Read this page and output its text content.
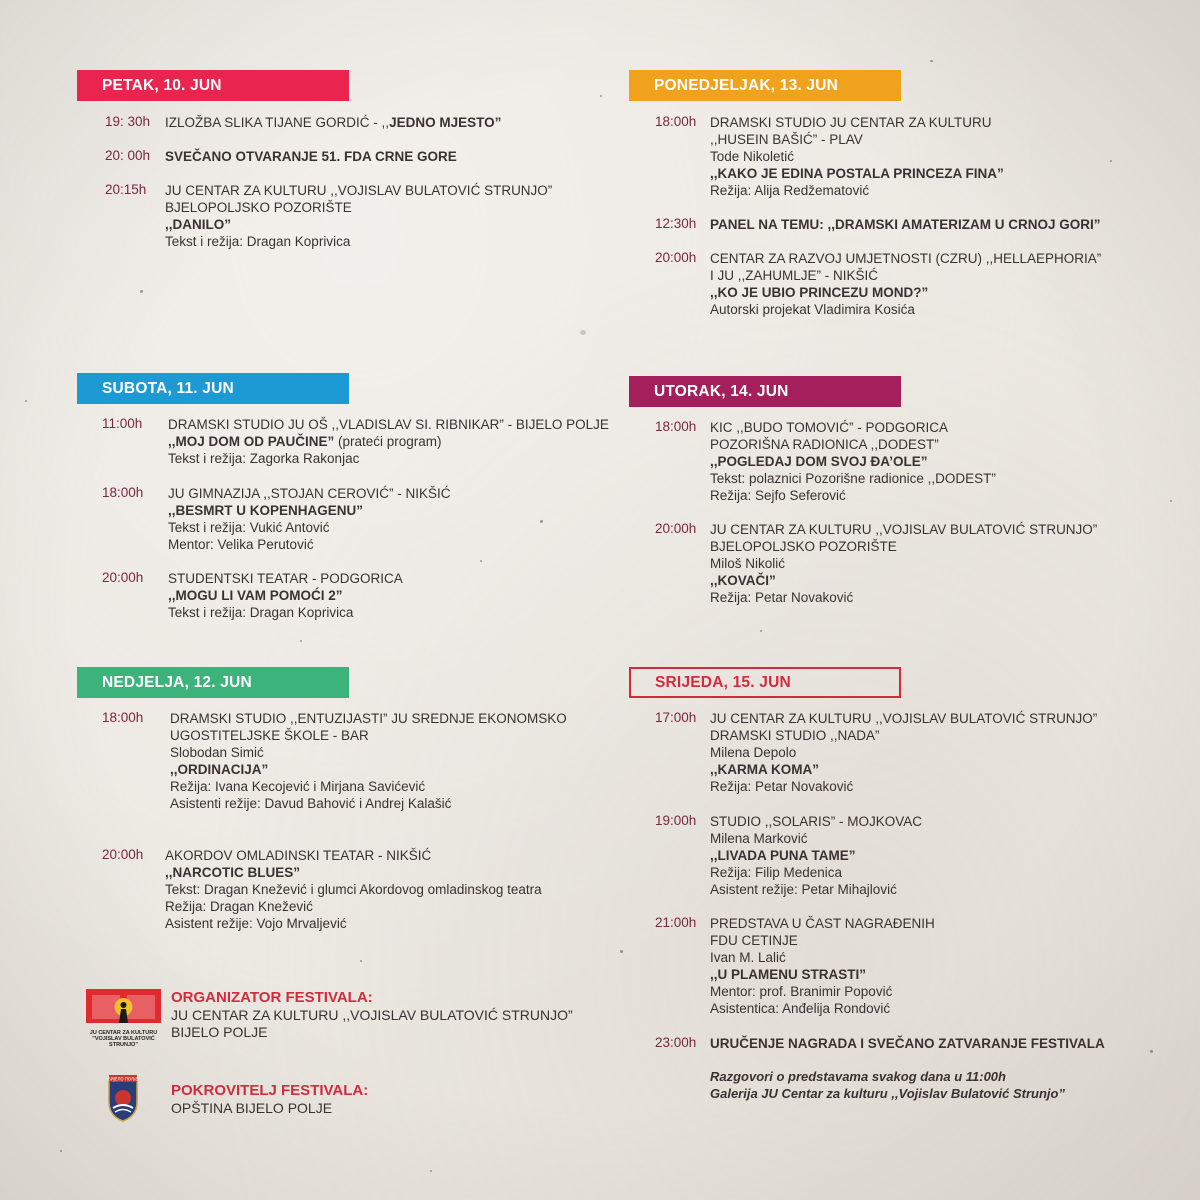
PETAK, 10. JUN
19: 30h IZLOŽBA SLIKA TIJANE GORDIĆ - ,,JEDNO MJESTO”
20: 00h SVEČANO OTVARANJE 51. FDA CRNE GORE
20:15h JU CENTAR ZA KULTURU ,,VOJISLAV BULATOVIĆ STRUNJO”
BJELOPOLJSKO POZORIŠTE
,,DANILO”
Tekst i režija: Dragan Koprivica
SUBOTA, 11. JUN
11:00h DRAMSKI STUDIO JU OŠ ,,VLADISLAV SI. RIBNIKAR” - BIJELO POLJE
,,MOJ DOM OD PAUČINE” (prateći program)
Tekst i režija: Zagorka Rakonjac
18:00h JU GIMNAZIJA ,,STOJAN CEROVIĆ” - NIKŠIĆ
,,BESMRT U KOPENHAGENU”
Tekst i režija: Vukić Antović
Mentor: Velika Perutović
20:00h STUDENTSKI TEATAR - PODGORICA
,,MOGU LI VAM POMOĆI 2”
Tekst i režija: Dragan Koprivica
NEDJELJA, 12. JUN
18:00h DRAMSKI STUDIO ,,ENTUZIJASTI” JU SREDNJE EKONOMSKO
UGOSTITELJSKE ŠKOLE - BAR
Slobodan Simić
,,ORDINACIJA”
Režija: Ivana Kecojević i Mirjana Savićević
Asistenti režije: Davud Bahović i Andrej Kalašić
20:00h AKORDOV OMLADINSKI TEATAR - NIKŠIĆ
,,NARCOTIC BLUES”
Tekst: Dragan Knežević i glumci Akordovog omladinskog teatra
Režija: Dragan Knežević
Asistent režije: Vojo Mrvaljević
PONEDJELJAK, 13. JUN
18:00h DRAMSKI STUDIO JU CENTAR ZA KULTURU
,,HUSEIN BAŠIĆ” - PLAV
Tode Nikoletić
,,KAKO JE EDINA POSTALA PRINCEZA FINA”
Režija: Alija Redžematović
12:30h PANEL NA TEMU: ,,DRAMSKI AMATERIZAM U CRNOJ GORI”
20:00h CENTAR ZA RAZVOJ UMJETNOSTI (CZRU) ,,HELLAEPHORIA”
I JU ,,ZAHUMLJE” - NIKŠIĆ
,,KO JE UBIO PRINCEZU MOND?”
Autorski projekat Vladimira Kosića
UTORAK, 14. JUN
18:00h KIC ,,BUDO TOMOVIĆ” - PODGORICA
POZORIŠNA RADIONICA ,,DODEST”
,,POGLEDAJ DOM SVOJ ĐA’OLE”
Tekst: polaznici Pozorišne radionice ,,DODEST”
Režija: Sejfo Seferović
20:00h JU CENTAR ZA KULTURU ,,VOJISLAV BULATOVIĆ STRUNJO”
BJELOPOLJSKO POZORIŠTE
Miloš Nikolić
,,KOVAČI”
Režija: Petar Novaković
SRIJEDA, 15. JUN
17:00h JU CENTAR ZA KULTURU ,,VOJISLAV BULATOVIĆ STRUNJO”
DRAMSKI STUDIO ,,NADA”
Milena Depolo
,,KARMA KOMA”
Režija: Petar Novaković
19:00h STUDIO ,,SOLARIS” - MOJKOVAC
Milena Marković
,,LIVADA PUNA TAME”
Režija: Filip Medenica
Asistent režije: Petar Mihajlović
21:00h PREDSTAVA U ČAST NAGRAĐENIH
FDU CETINJE
Ivan M. Lalić
,,U PLAMENU STRASTI”
Mentor: prof. Branimir Popović
Asistentica: Anđelija Rondović
23:00h URUČENJE NAGRADA I SVEČANO ZATVARANJE FESTIVALA
Razgovori o predstavama svakog dana u 11:00h
Galerija JU Centar za kulturu ,,Vojislav Bulatović Strunjo”
JU CENTAR ZA KULTURU
"VOJISLAV BULATOVIĆ STRUNJO"
ORGANIZATOR FESTIVALA:
JU CENTAR ZA KULTURU ,,VOJISLAV BULATOVIĆ STRUNJO”
BIJELO POLJE
БИЈЕЛО ПОЉЕ
POKROVITELJ FESTIVALA:
OPŠTINA BIJELO POLJE
